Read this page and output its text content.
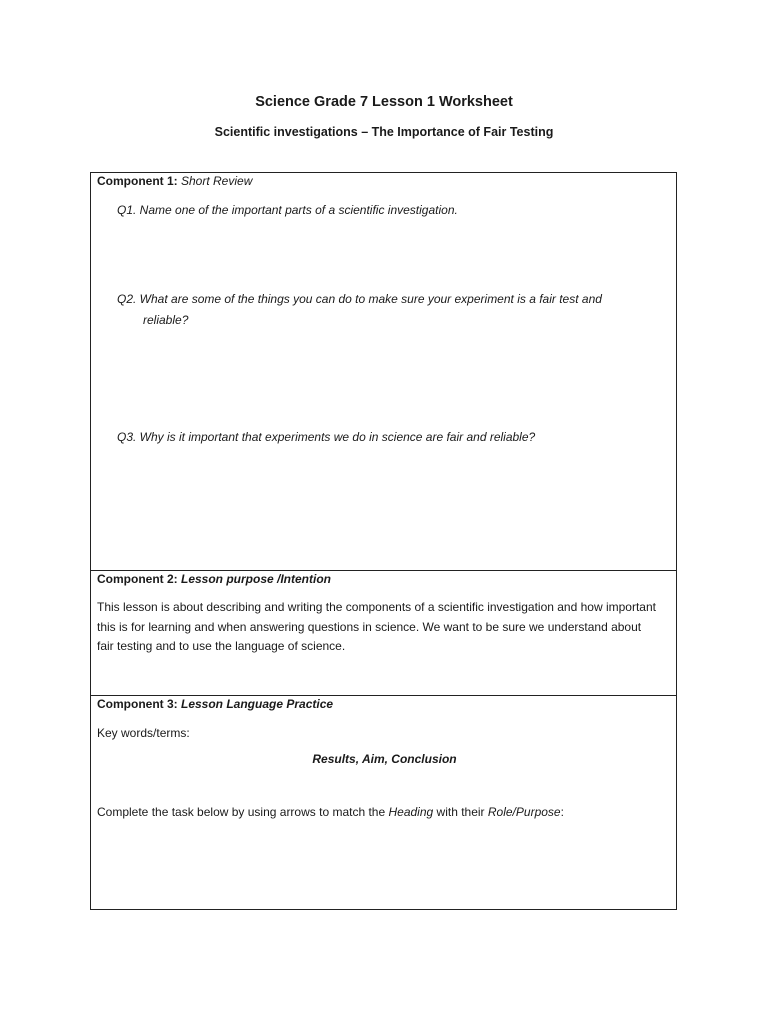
Science Grade 7 Lesson 1 Worksheet
Scientific investigations – The Importance of Fair Testing
Component 1: Short Review
Q1. Name one of the important parts of a scientific investigation.
Q2. What are some of the things you can do to make sure your experiment is a fair test and
reliable?
Q3. Why is it important that experiments we do in science are fair and reliable?
Component 2: Lesson purpose /Intention
This lesson is about describing and writing the components of a scientific investigation and how important this is for learning and when answering questions in science. We want to be sure we understand about fair testing and to use the language of science.
Component 3: Lesson Language Practice
Key words/terms:
Results, Aim, Conclusion
Complete the task below by using arrows to match the Heading with their Role/Purpose:
